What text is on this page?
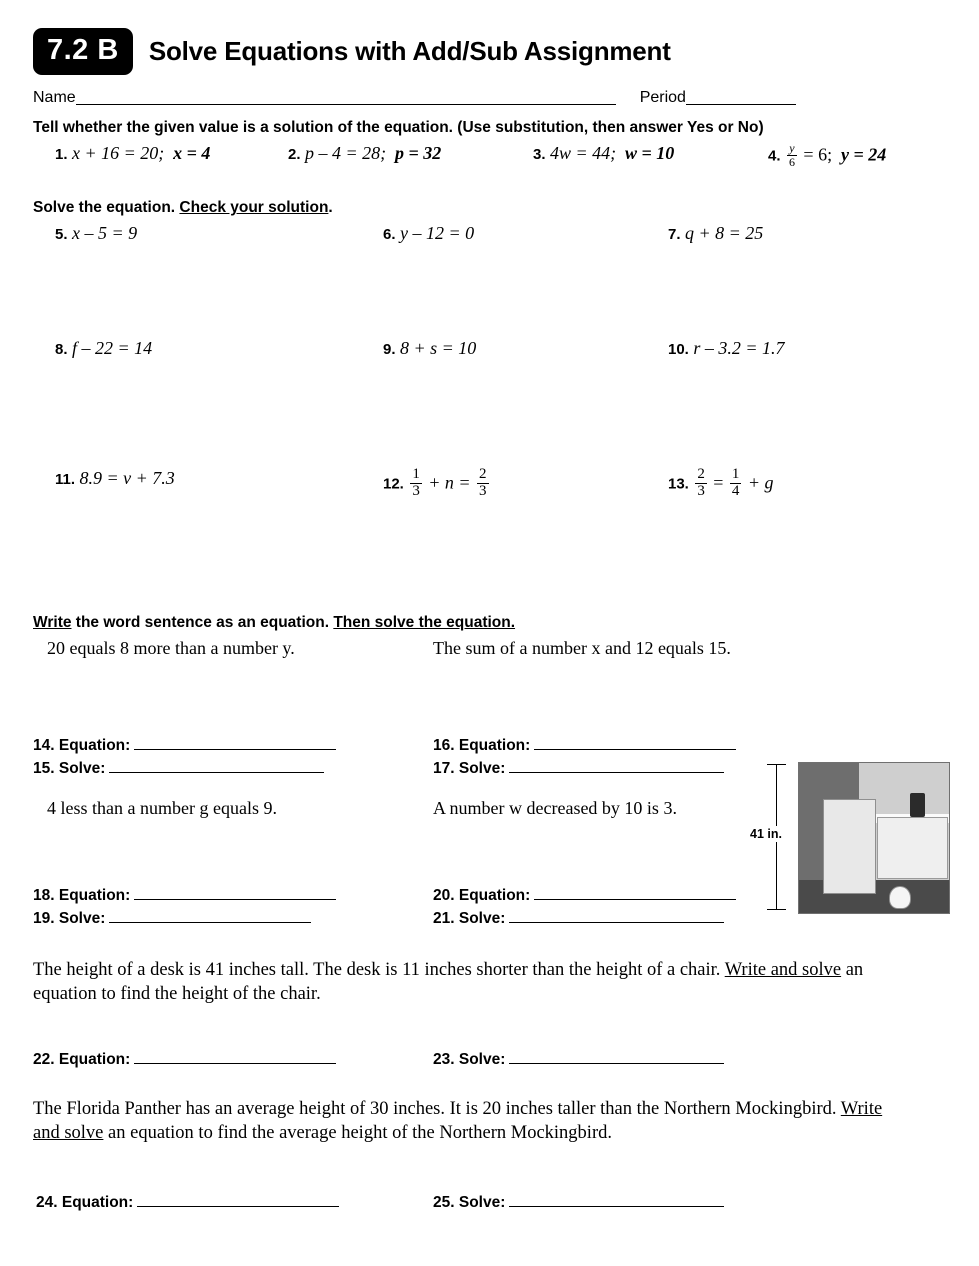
7.2 B	Solve Equations with Add/Sub Assignment
Name	Period
Tell whether the given value is a solution of the equation. (Use substitution, then answer Yes or No)
1. x + 16 = 20; x = 4	2. p – 4 = 28; p = 32	3. 4w = 44; w = 10	4. $\frac{y}{6} = 6$; y = 24
Solve the equation. Check your solution.
5. x – 5 = 9	6. y – 12 = 0	7. q + 8 = 25
8. f – 22 = 14	9. 8 + s = 10	10. r – 3.2 = 1.7
11. 8.9 = v + 7.3	12. $\frac{1}{3} + n = \frac{2}{3}$	13. $\frac{2}{3} = \frac{1}{4} + g$
Write the word sentence as an equation. Then solve the equation.
20 equals 8 more than a number y.	The sum of a number x and 12 equals 15.
14. Equation:	16. Equation:
15. Solve:	17. Solve:
4 less than a number g equals 9.	A number w decreased by 10 is 3.
18. Equation:	20. Equation:
19. Solve:	21. Solve:
The height of a desk is 41 inches tall. The desk is 11 inches shorter than the height of a chair. Write and solve an equation to find the height of the chair.
22. Equation:	23. Solve:
The Florida Panther has an average height of 30 inches. It is 20 inches taller than the Northern Mockingbird. Write and solve an equation to find the average height of the Northern Mockingbird.
24. Equation:	25. Solve:
41 in.
